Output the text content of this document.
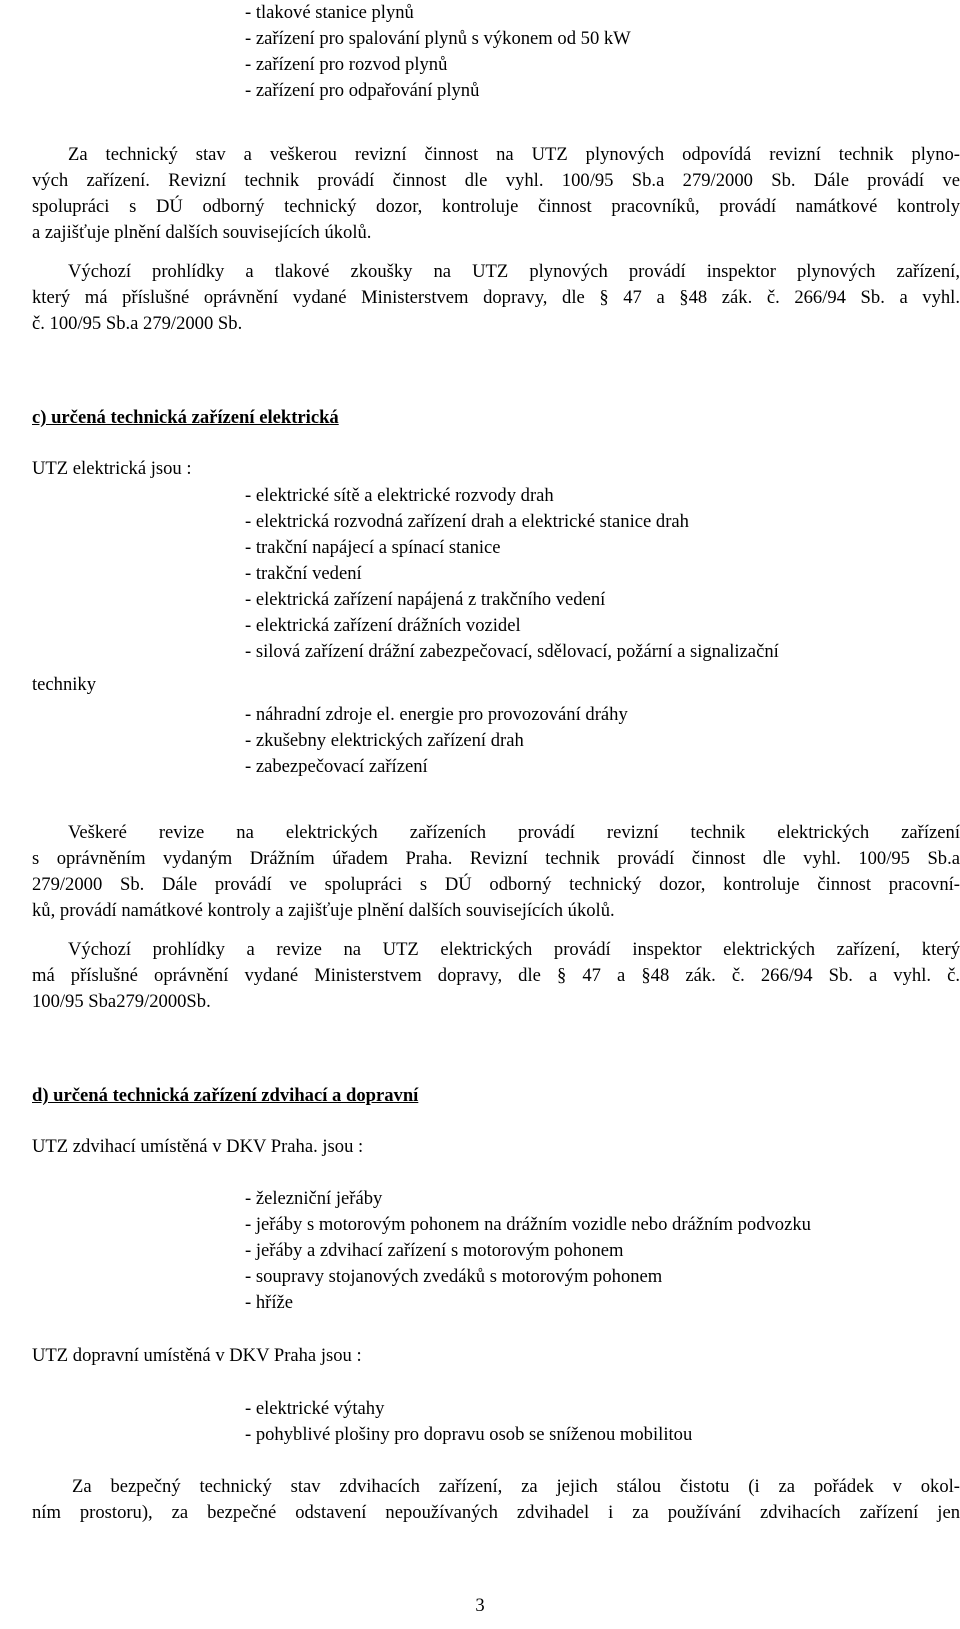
- tlakové stanice plynů
- zařízení pro spalování plynů s výkonem od 50 kW
- zařízení pro rozvod plynů
- zařízení pro odpařování plynů
Za technický stav a veškerou revizní činnost na UTZ plynových odpovídá revizní technik plyno-
vých zařízení. Revizní technik provádí činnost dle vyhl. 100/95 Sb.a 279/2000 Sb. Dále provádí ve
spolupráci s DÚ odborný technický dozor, kontroluje činnost pracovníků, provádí namátkové kontroly
a zajišťuje plnění dalších souvisejících úkolů.
Výchozí prohlídky a tlakové zkoušky na UTZ plynových provádí inspektor plynových zařízení,
který má příslušné oprávnění vydané Ministerstvem dopravy, dle § 47 a §48 zák. č. 266/94 Sb. a vyhl.
č. 100/95 Sb.a 279/2000 Sb.
c) určená technická zařízení elektrická
UTZ elektrická jsou :
- elektrické sítě a elektrické rozvody drah
- elektrická rozvodná zařízení drah a elektrické stanice drah
- trakční napájecí a spínací stanice
- trakční vedení
- elektrická zařízení napájená z trakčního vedení
- elektrická zařízení drážních vozidel
- silová zařízení drážní zabezpečovací, sdělovací, požární a signalizační
techniky
- náhradní zdroje el. energie pro provozování dráhy
- zkušebny elektrických zařízení drah
- zabezpečovací zařízení
Veškeré revize na elektrických zařízeních provádí revizní technik elektrických zařízení
s oprávněním vydaným Drážním úřadem Praha. Revizní technik provádí činnost dle vyhl. 100/95 Sb.a
279/2000 Sb. Dále provádí ve spolupráci s DÚ odborný technický dozor, kontroluje činnost pracovní-
ků, provádí namátkové kontroly a zajišťuje plnění dalších souvisejících úkolů.
Výchozí prohlídky a revize na UTZ elektrických provádí inspektor elektrických zařízení, který
má příslušné oprávnění vydané Ministerstvem dopravy, dle § 47 a §48 zák. č. 266/94 Sb. a vyhl. č.
100/95 Sba279/2000Sb.
d) určená technická zařízení zdvihací a dopravní
UTZ zdvihací umístěná v DKV Praha. jsou :
- železniční jeřáby
- jeřáby s motorovým pohonem na drážním vozidle nebo drážním podvozku
- jeřáby a zdvihací zařízení s motorovým pohonem
- soupravy stojanových zvedáků s motorovým pohonem
- hříže
UTZ dopravní umístěná v DKV Praha jsou :
- elektrické výtahy
- pohyblivé plošiny pro dopravu osob se sníženou mobilitou
Za bezpečný technický stav zdvihacích zařízení, za jejich stálou čistotu (i za pořádek v okol-
ním prostoru), za bezpečné odstavení nepoužívaných zdvihadel i za používání zdvihacích zařízení jen
3
